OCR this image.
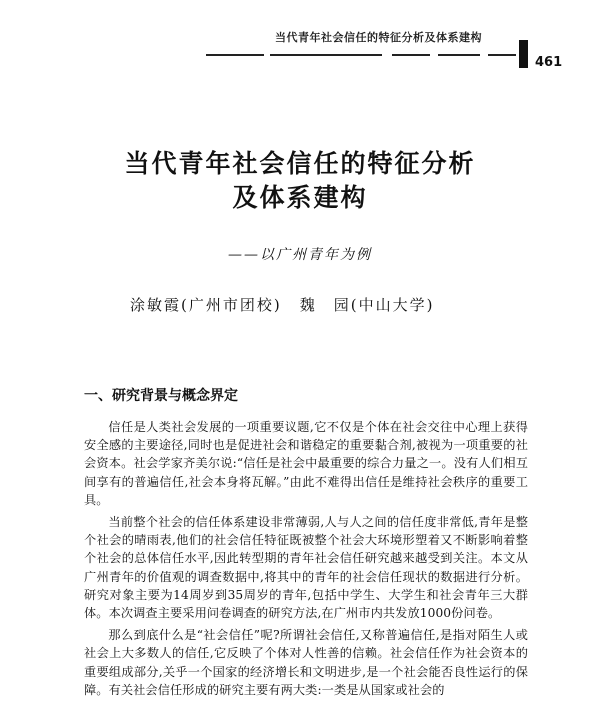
当代青年社会信任的特征分析及体系建构
461
当代青年社会信任的特征分析
及体系建构
——以广州青年为例
涂敏霞(广州市团校) 魏　园(中山大学)
一、研究背景与概念界定

信任是人类社会发展的一项重要议题,它不仅是个体在社会交往中心理上获得安全感的主要途径,同时也是促进社会和谐稳定的重要黏合剂,被视为一项重要的社会资本。社会学家齐美尔说:“信任是社会中最重要的综合力量之一。没有人们相互间享有的普遍信任,社会本身将瓦解。”由此不难得出信任是维持社会秩序的重要工具。

当前整个社会的信任体系建设非常薄弱,人与人之间的信任度非常低,青年是整个社会的晴雨表,他们的社会信任特征既被整个社会大环境形塑着又不断影响着整个社会的总体信任水平,因此转型期的青年社会信任研究越来越受到关注。本文从广州青年的价值观的调查数据中,将其中的青年的社会信任现状的数据进行分析。研究对象主要为14周岁到35周岁的青年,包括中学生、大学生和社会青年三大群体。本次调查主要采用问卷调查的研究方法,在广州市内共发放1000份问卷。

那么到底什么是“社会信任”呢?所谓社会信任,又称普遍信任,是指对陌生人或社会上大多数人的信任,它反映了个体对人性善的信赖。社会信任作为社会资本的重要组成部分,关乎一个国家的经济增长和文明进步,是一个社会能否良性运行的保障。有关社会信任形成的研究主要有两大类:一类是从国家或社会的
